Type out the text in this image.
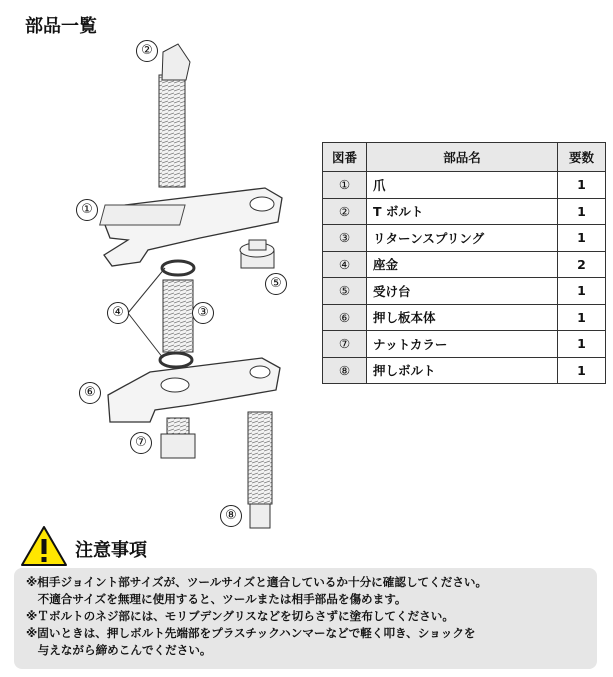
部品一覧
②
①
⑤
④	③
⑥
⑦
⑧
図番	部品名	要数
①	爪	1
②	T ボルト	1
③	リターンスプリング	1
④	座金	2
⑤	受け台	1
⑥	押し板本体	1
⑦	ナットカラー	1
⑧	押しボルト	1
注意事項

※相手ジョイント部サイズが、ツールサイズと適合しているか十分に確認してください。

　不適合サイズを無理に使用すると、ツールまたは相手部品を傷めます。

※Ｔボルトのネジ部には、モリブデングリスなどを切らさずに塗布してください。

※固いときは、押しボルト先端部をプラスチックハンマーなどで軽く叩き、ショックを

　与えながら締めこんでください。
